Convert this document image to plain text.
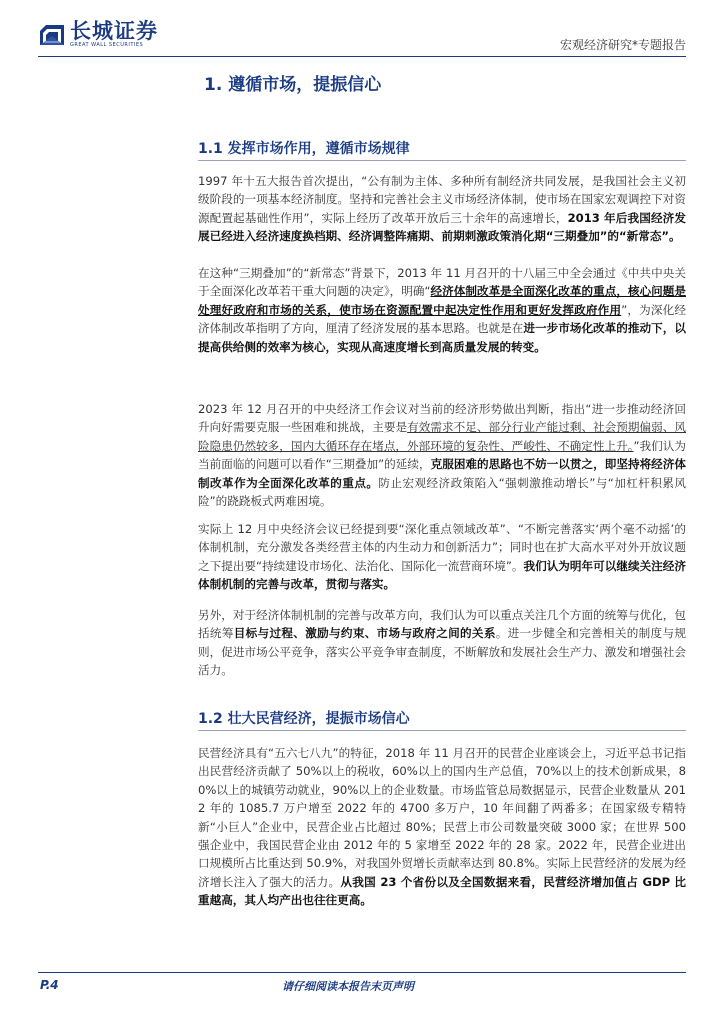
长城证券
GREAT WALL SECURITIES	宏观经济研究*专题报告
1. 遵循市场，提振信心
1.1 发挥市场作用，遵循市场规律

1997 年十五大报告首次提出，“公有制为主体、多种所有制经济共同发展，是我国社会主义初级阶段的一项基本经济制度。坚持和完善社会主义市场经济体制，使市场在国家宏观调控下对资源配置起基础性作用”，实际上经历了改革开放后三十余年的高速增长，2013 年后我国经济发展已经进入经济速度换档期、经济调整阵痛期、前期刺激政策消化期“三期叠加”的“新常态”。

在这种“三期叠加”的“新常态”背景下，2013 年 11 月召开的十八届三中全会通过《中共中央关于全面深化改革若干重大问题的决定》，明确“经济体制改革是全面深化改革的重点，核心问题是处理好政府和市场的关系，使市场在资源配置中起决定性作用和更好发挥政府作用”，为深化经济体制改革指明了方向，厘清了经济发展的基本思路。也就是在进一步市场化改革的推动下，以提高供给侧的效率为核心，实现从高速度增长到高质量发展的转变。

2023 年 12 月召开的中央经济工作会议对当前的经济形势做出判断，指出“进一步推动经济回升向好需要克服一些困难和挑战，主要是有效需求不足、部分行业产能过剩、社会预期偏弱、风险隐患仍然较多，国内大循环存在堵点，外部环境的复杂性、严峻性、不确定性上升。”我们认为当前面临的问题可以看作“三期叠加”的延续，克服困难的思路也不妨一以贯之，即坚持将经济体制改革作为全面深化改革的重点。防止宏观经济政策陷入“强刺激推动增长”与“加杠杆积累风险”的跷跷板式两难困境。

实际上 12 月中央经济会议已经提到要“深化重点领域改革”、“不断完善落实‘两个毫不动摇’的体制机制，充分激发各类经营主体的内生动力和创新活力”；同时也在扩大高水平对外开放议题之下提出要“持续建设市场化、法治化、国际化一流营商环境”。我们认为明年可以继续关注经济体制机制的完善与改革，贯彻与落实。

另外，对于经济体制机制的完善与改革方向，我们认为可以重点关注几个方面的统筹与优化，包括统筹目标与过程、激励与约束、市场与政府之间的关系。进一步健全和完善相关的制度与规则，促进市场公平竞争，落实公平竞争审查制度，不断解放和发展社会生产力、激发和增强社会活力。

1.2 壮大民营经济，提振市场信心

民营经济具有“五六七八九”的特征，2018 年 11 月召开的民营企业座谈会上，习近平总书记指出民营经济贡献了 50%以上的税收，60%以上的国内生产总值，70%以上的技术创新成果，80%以上的城镇劳动就业，90%以上的企业数量。市场监管总局数据显示，民营企业数量从 2012 年的 1085.7 万户增至 2022 年的 4700 多万户，10 年间翻了两番多；在国家级专精特新“小巨人”企业中，民营企业占比超过 80%；民营上市公司数量突破 3000 家；在世界 500 强企业中，我国民营企业由 2012 年的 5 家增至 2022 年的 28 家。2022 年，民营企业进出口规模所占比重达到 50.9%，对我国外贸增长贡献率达到 80.8%。实际上民营经济的发展为经济增长注入了强大的活力。从我国 23 个省份以及全国数据来看，民营经济增加值占 GDP 比重越高，其人均产出也往往更高。

P.4	请仔细阅读本报告末页声明
